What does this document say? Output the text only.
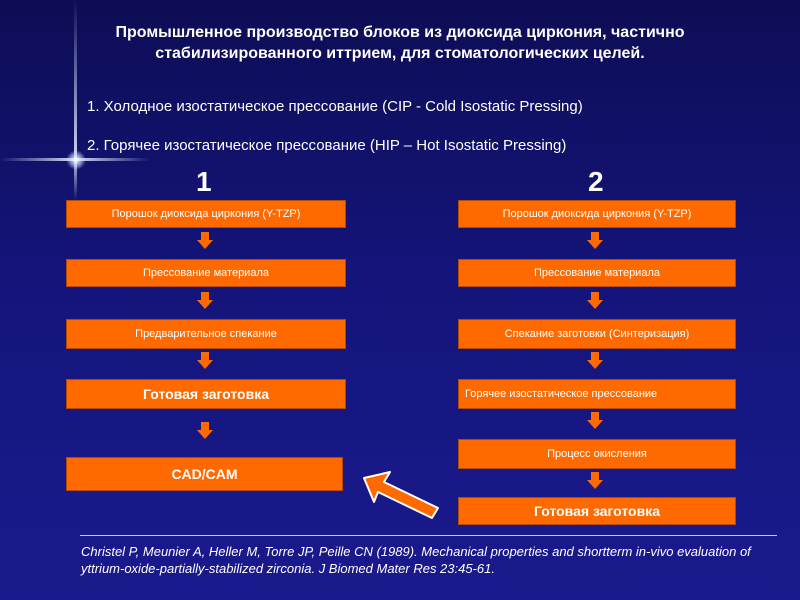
Промышленное производство блоков из диоксида циркония, частично стабилизированного иттрием, для стоматологических целей.
1. Холодное изостатическое прессование (CIP - Cold Isostatic Pressing)
2. Горячее изостатическое прессование (HIP – Hot Isostatic Pressing)
1	2
Порошок диоксида циркония (Y-TZP)
Прессование материала
Предварительное спекание
Готовая заготовка
CAD/CAM
Порошок диоксида циркония (Y-TZP)
Прессование материала
Спекание заготовки (Синтеризация)
Горячее изостатическое прессование
Процесс окисления
Готовая заготовка
Christel P, Meunier A, Heller M, Torre JP, Peille CN (1989). Mechanical properties and shortterm in-vivo evaluation of yttrium-oxide-partially-stabilized zirconia. J Biomed Mater Res 23:45-61.
